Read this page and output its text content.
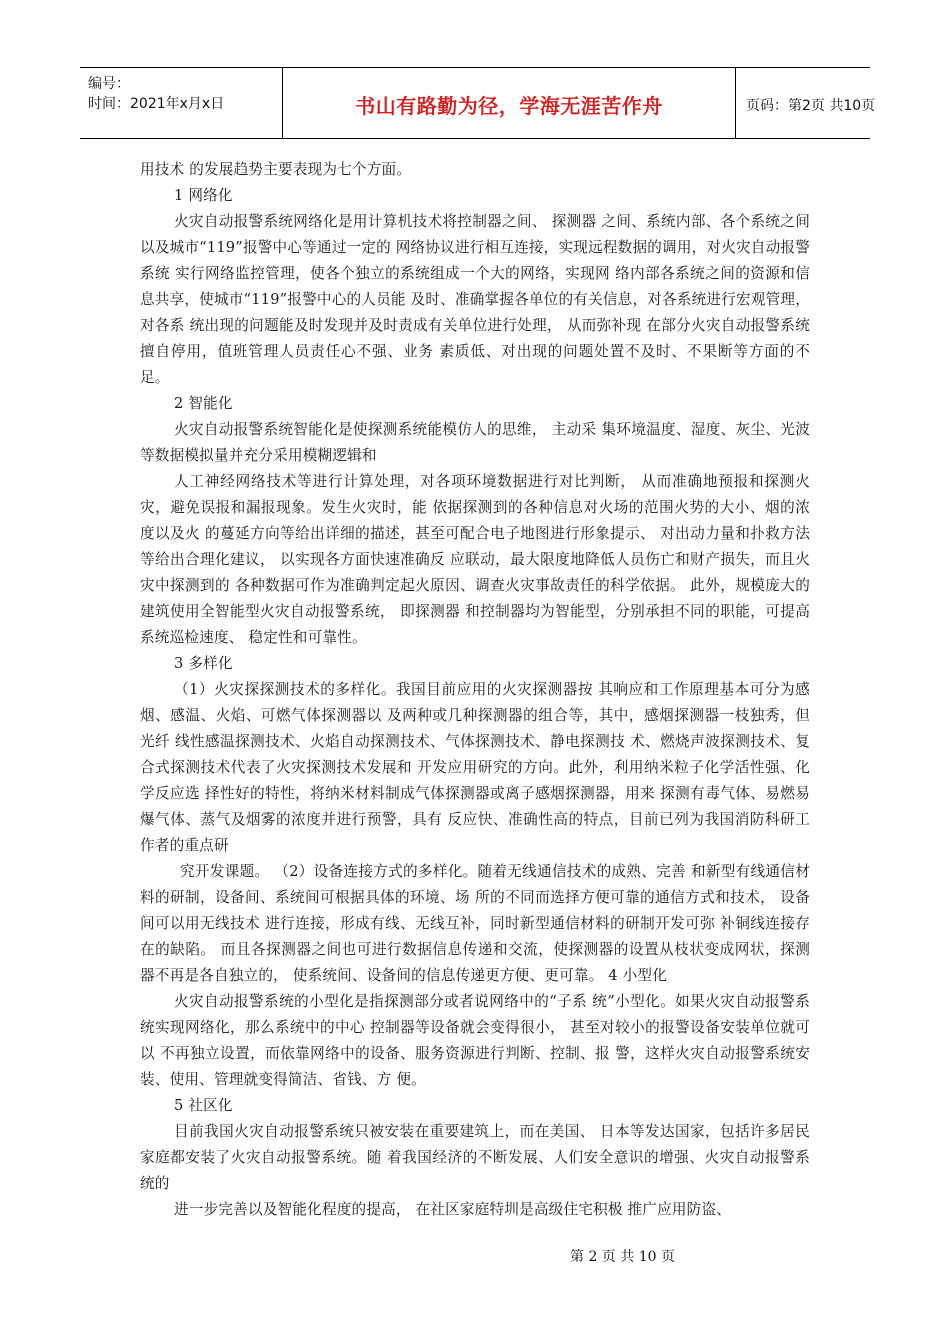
编号：
时间：2021年x月x日	书山有路勤为径，学海无涯苦作舟	页码：第2页 共10页

用技术 的发展趋势主要表现为七个方面。

1 网络化

火灾自动报警系统网络化是用计算机技术将控制器之间、 探测器 之间、系统内部、各个系统之间以及城市“119”报警中心等通过一定的 网络协议进行相互连接，实现远程数据的调用，对火灾自动报警系统 实行网络监控管理，使各个独立的系统组成一个大的网络，实现网 络内部各系统之间的资源和信息共享，使城市“119”报警中心的人员能 及时、准确掌握各单位的有关信息，对各系统进行宏观管理，对各系 统出现的问题能及时发现并及时责成有关单位进行处理， 从而弥补现 在部分火灾自动报警系统擅自停用，值班管理人员责任心不强、业务 素质低、对出现的问题处置不及时、不果断等方面的不足。

2 智能化

火灾自动报警系统智能化是使探测系统能模仿人的思维， 主动采 集环境温度、湿度、灰尘、光波等数据模拟量并充分采用模糊逻辑和

人工神经网络技术等进行计算处理，对各项环境数据进行对比判断， 从而准确地预报和探测火灾，避免误报和漏报现象。发生火灾时，能 依据探测到的各种信息对火场的范围火势的大小、烟的浓度以及火 的蔓延方向等给出详细的描述，甚至可配合电子地图进行形象提示、 对出动力量和扑救方法等给出合理化建议， 以实现各方面快速准确反 应联动，最大限度地降低人员伤亡和财产损失，而且火灾中探测到的 各种数据可作为准确判定起火原因、调查火灾事故责任的科学依据。 此外，规模庞大的建筑使用全智能型火灾自动报警系统， 即探测器 和控制器均为智能型，分别承担不同的职能，可提高系统巡检速度、 稳定性和可靠性。

3 多样化

（1）火灾探探测技术的多样化。我国目前应用的火灾探测器按 其响应和工作原理基本可分为感烟、感温、火焰、可燃气体探测器以 及两种或几种探测器的组合等，其中，感烟探测器一枝独秀，但光纤 线性感温探测技术、火焰自动探测技术、气体探测技术、静电探测技 术、燃烧声波探测技术、复合式探测技术代表了火灾探测技术发展和 开发应用研究的方向。此外，利用纳米粒子化学活性强、化学反应选 择性好的特性，将纳米材料制成气体探测器或离子感烟探测器，用来 探测有毒气体、易燃易爆气体、蒸气及烟雾的浓度并进行预警，具有 反应快、准确性高的特点，目前已列为我国消防科研工作者的重点研

究开发课题。 （2）设备连接方式的多样化。随着无线通信技术的成熟、完善 和新型有线通信材料的研制，设备间、系统间可根据具体的环境、场 所的不同而选择方便可靠的通信方式和技术， 设备间可以用无线技术 进行连接，形成有线、无线互补，同时新型通信材料的研制开发可弥 补铜线连接存在的缺陷。 而且各探测器之间也可进行数据信息传递和交流，使探测器的设置从枝状变成网状，探测器不再是各自独立的， 使系统间、设备间的信息传递更方便、更可靠。 4 小型化

火灾自动报警系统的小型化是指探测部分或者说网络中的“子系 统”小型化。如果火灾自动报警系统实现网络化，那么系统中的中心 控制器等设备就会变得很小， 甚至对较小的报警设备安装单位就可以 不再独立设置，而依靠网络中的设备、服务资源进行判断、控制、报 警，这样火灾自动报警系统安装、使用、管理就变得简洁、省钱、方 便。

5 社区化

目前我国火灾自动报警系统只被安装在重要建筑上，而在美国、 日本等发达国家，包括许多居民家庭都安装了火灾自动报警系统。随 着我国经济的不断发展、人们安全意识的增强、火灾自动报警系统的

进一步完善以及智能化程度的提高， 在社区家庭特圳是高级住宅积极 推广应用防盗、

第 2 页 共 10 页
